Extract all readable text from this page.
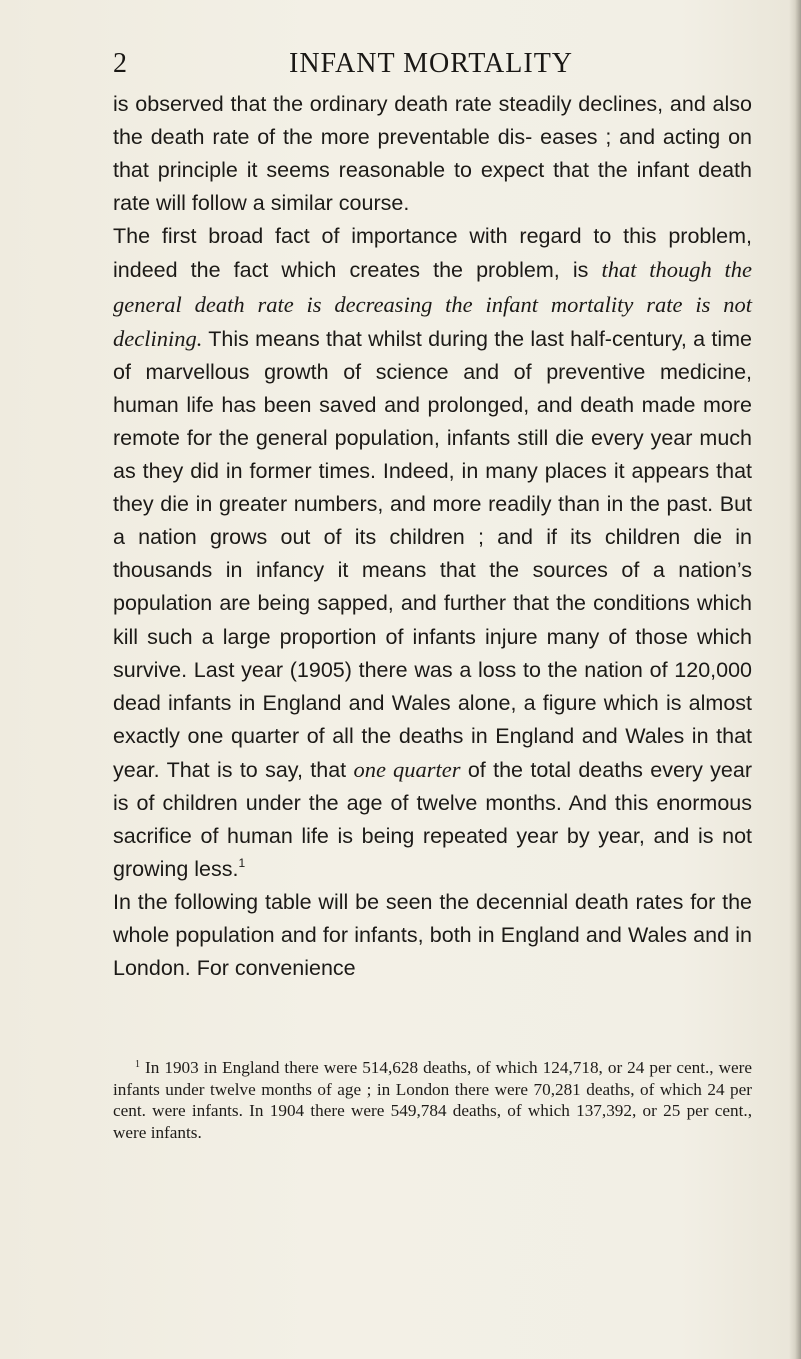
2	INFANT MORTALITY

is observed that the ordinary death rate steadily declines, and also the death rate of the more preventable dis- eases ; and acting on that principle it seems reasonable to expect that the infant death rate will follow a similar course.

The first broad fact of importance with regard to this problem, indeed the fact which creates the problem, is that though the general death rate is decreasing the infant mortality rate is not declining. This means that whilst during the last half-century, a time of marvellous growth of science and of preventive medicine, human life has been saved and prolonged, and death made more remote for the general population, infants still die every year much as they did in former times. Indeed, in many places it appears that they die in greater numbers, and more readily than in the past. But a nation grows out of its children ; and if its children die in thousands in infancy it means that the sources of a nation’s population are being sapped, and further that the conditions which kill such a large proportion of infants injure many of those which survive. Last year (1905) there was a loss to the nation of 120,000 dead infants in England and Wales alone, a figure which is almost exactly one quarter of all the deaths in England and Wales in that year. That is to say, that one quarter of the total deaths every year is of children under the age of twelve months. And this enormous sacrifice of human life is being repeated year by year, and is not growing less.$^1$

In the following table will be seen the decennial death rates for the whole population and for infants, both in England and Wales and in London. For convenience

$^1$ In 1903 in England there were 514,628 deaths, of which 124,718, or 24 per cent., were infants under twelve months of age ; in London there were 70,281 deaths, of which 24 per cent. were infants. In 1904 there were 549,784 deaths, of which 137,392, or 25 per cent., were infants.
